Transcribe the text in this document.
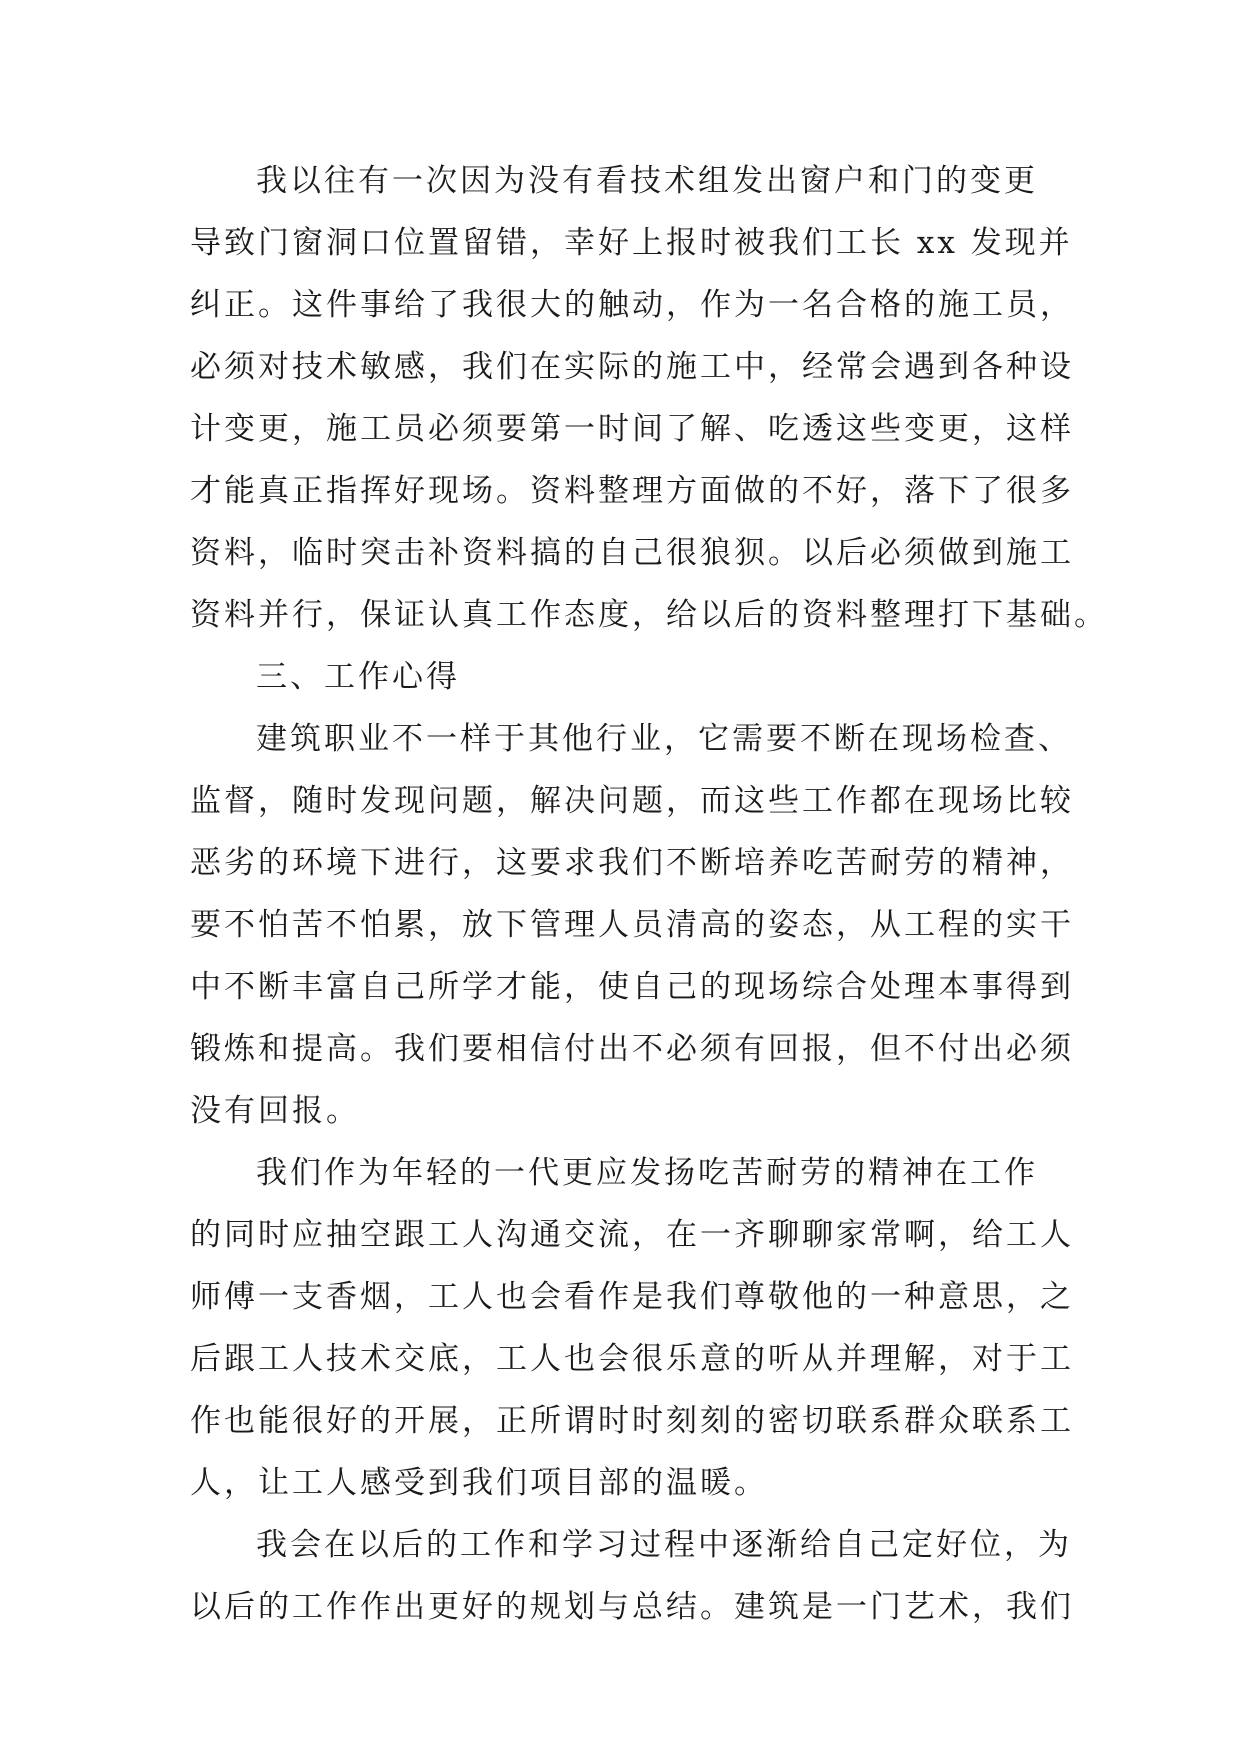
我以往有一次因为没有看技术组发出窗户和门的变更
导致门窗洞口位置留错，幸好上报时被我们工长 xx 发现并
纠正。这件事给了我很大的触动，作为一名合格的施工员，
必须对技术敏感，我们在实际的施工中，经常会遇到各种设
计变更，施工员必须要第一时间了解、吃透这些变更，这样
才能真正指挥好现场。资料整理方面做的不好，落下了很多
资料，临时突击补资料搞的自己很狼狈。以后必须做到施工
资料并行，保证认真工作态度，给以后的资料整理打下基础。
三、工作心得
建筑职业不一样于其他行业，它需要不断在现场检查、
监督，随时发现问题，解决问题，而这些工作都在现场比较
恶劣的环境下进行，这要求我们不断培养吃苦耐劳的精神，
要不怕苦不怕累，放下管理人员清高的姿态，从工程的实干
中不断丰富自己所学才能，使自己的现场综合处理本事得到
锻炼和提高。我们要相信付出不必须有回报，但不付出必须
没有回报。
我们作为年轻的一代更应发扬吃苦耐劳的精神在工作
的同时应抽空跟工人沟通交流，在一齐聊聊家常啊，给工人
师傅一支香烟，工人也会看作是我们尊敬他的一种意思，之
后跟工人技术交底，工人也会很乐意的听从并理解，对于工
作也能很好的开展，正所谓时时刻刻的密切联系群众联系工
人，让工人感受到我们项目部的温暖。
我会在以后的工作和学习过程中逐渐给自己定好位，为
以后的工作作出更好的规划与总结。建筑是一门艺术，我们
